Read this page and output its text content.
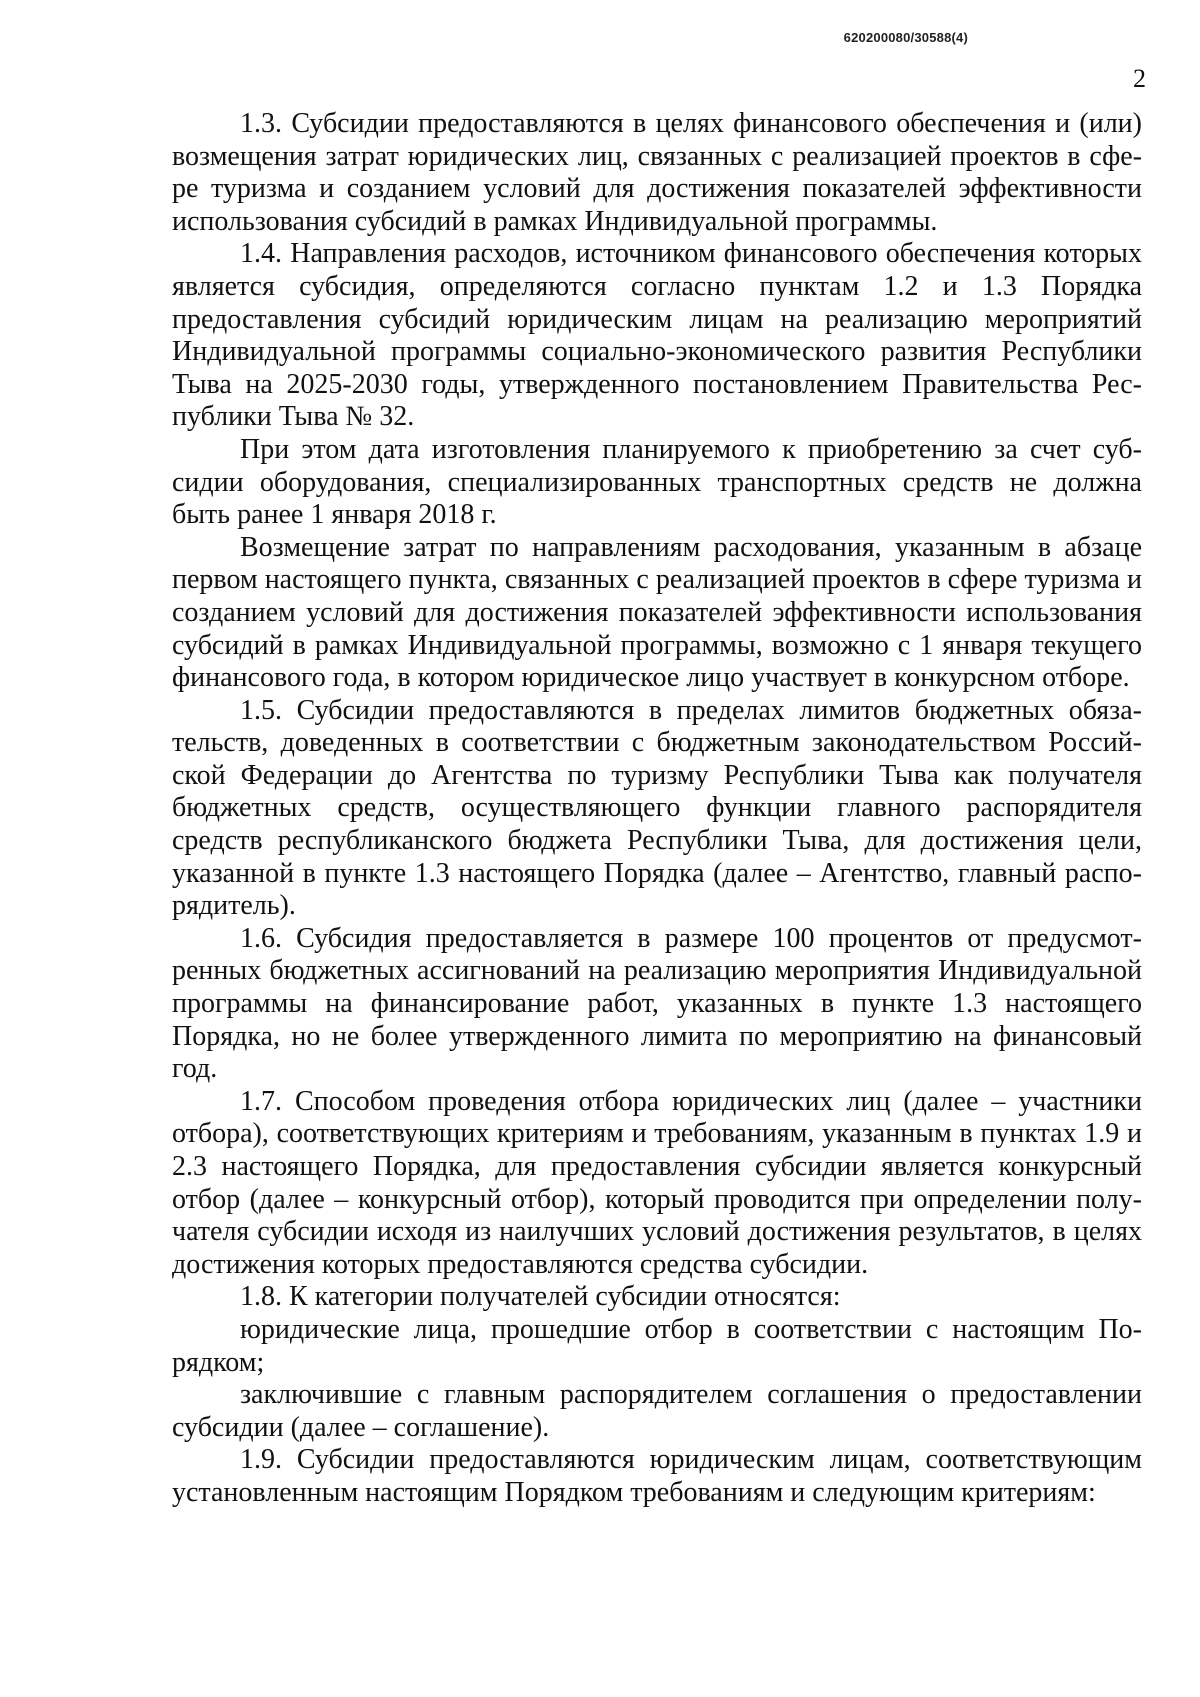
620200080/30588(4)
2

1.3. Субсидии предоставляются в целях финансового обеспечения и (или) возмещения затрат юридических лиц, связанных с реализацией проектов в сфере туризма и созданием условий для достижения показателей эффективности использования субсидий в рамках Индивидуальной программы.

1.4. Направления расходов, источником финансового обеспечения которых является субсидия, определяются согласно пунктам 1.2 и 1.3 Порядка предоставления субсидий юридическим лицам на реализацию мероприятий Индивидуальной программы социально-экономического развития Республики Тыва на 2025-2030 годы, утвержденного постановлением Правительства Республики Тыва № 32.

При этом дата изготовления планируемого к приобретению за счет субсидии оборудования, специализированных транспортных средств не должна быть ранее 1 января 2018 г.

Возмещение затрат по направлениям расходования, указанным в абзаце первом настоящего пункта, связанных с реализацией проектов в сфере туризма и созданием условий для достижения показателей эффективности использования субсидий в рамках Индивидуальной программы, возможно с 1 января текущего финансового года, в котором юридическое лицо участвует в конкурсном отборе.

1.5. Субсидии предоставляются в пределах лимитов бюджетных обязательств, доведенных в соответствии с бюджетным законодательством Российской Федерации до Агентства по туризму Республики Тыва как получателя бюджетных средств, осуществляющего функции главного распорядителя средств республиканского бюджета Республики Тыва, для достижения цели, указанной в пункте 1.3 настоящего Порядка (далее – Агентство, главный распорядитель).

1.6. Субсидия предоставляется в размере 100 процентов от предусмотренных бюджетных ассигнований на реализацию мероприятия Индивидуальной программы на финансирование работ, указанных в пункте 1.3 настоящего Порядка, но не более утвержденного лимита по мероприятию на финансовый год.

1.7. Способом проведения отбора юридических лиц (далее – участники отбора), соответствующих критериям и требованиям, указанным в пунктах 1.9 и 2.3 настоящего Порядка, для предоставления субсидии является конкурсный отбор (далее – конкурсный отбор), который проводится при определении получателя субсидии исходя из наилучших условий достижения результатов, в целях достижения которых предоставляются средства субсидии.

1.8. К категории получателей субсидии относятся:

юридические лица, прошедшие отбор в соответствии с настоящим Порядком;

заключившие с главным распорядителем соглашения о предоставлении субсидии (далее – соглашение).

1.9. Субсидии предоставляются юридическим лицам, соответствующим установленным настоящим Порядком требованиям и следующим критериям:
